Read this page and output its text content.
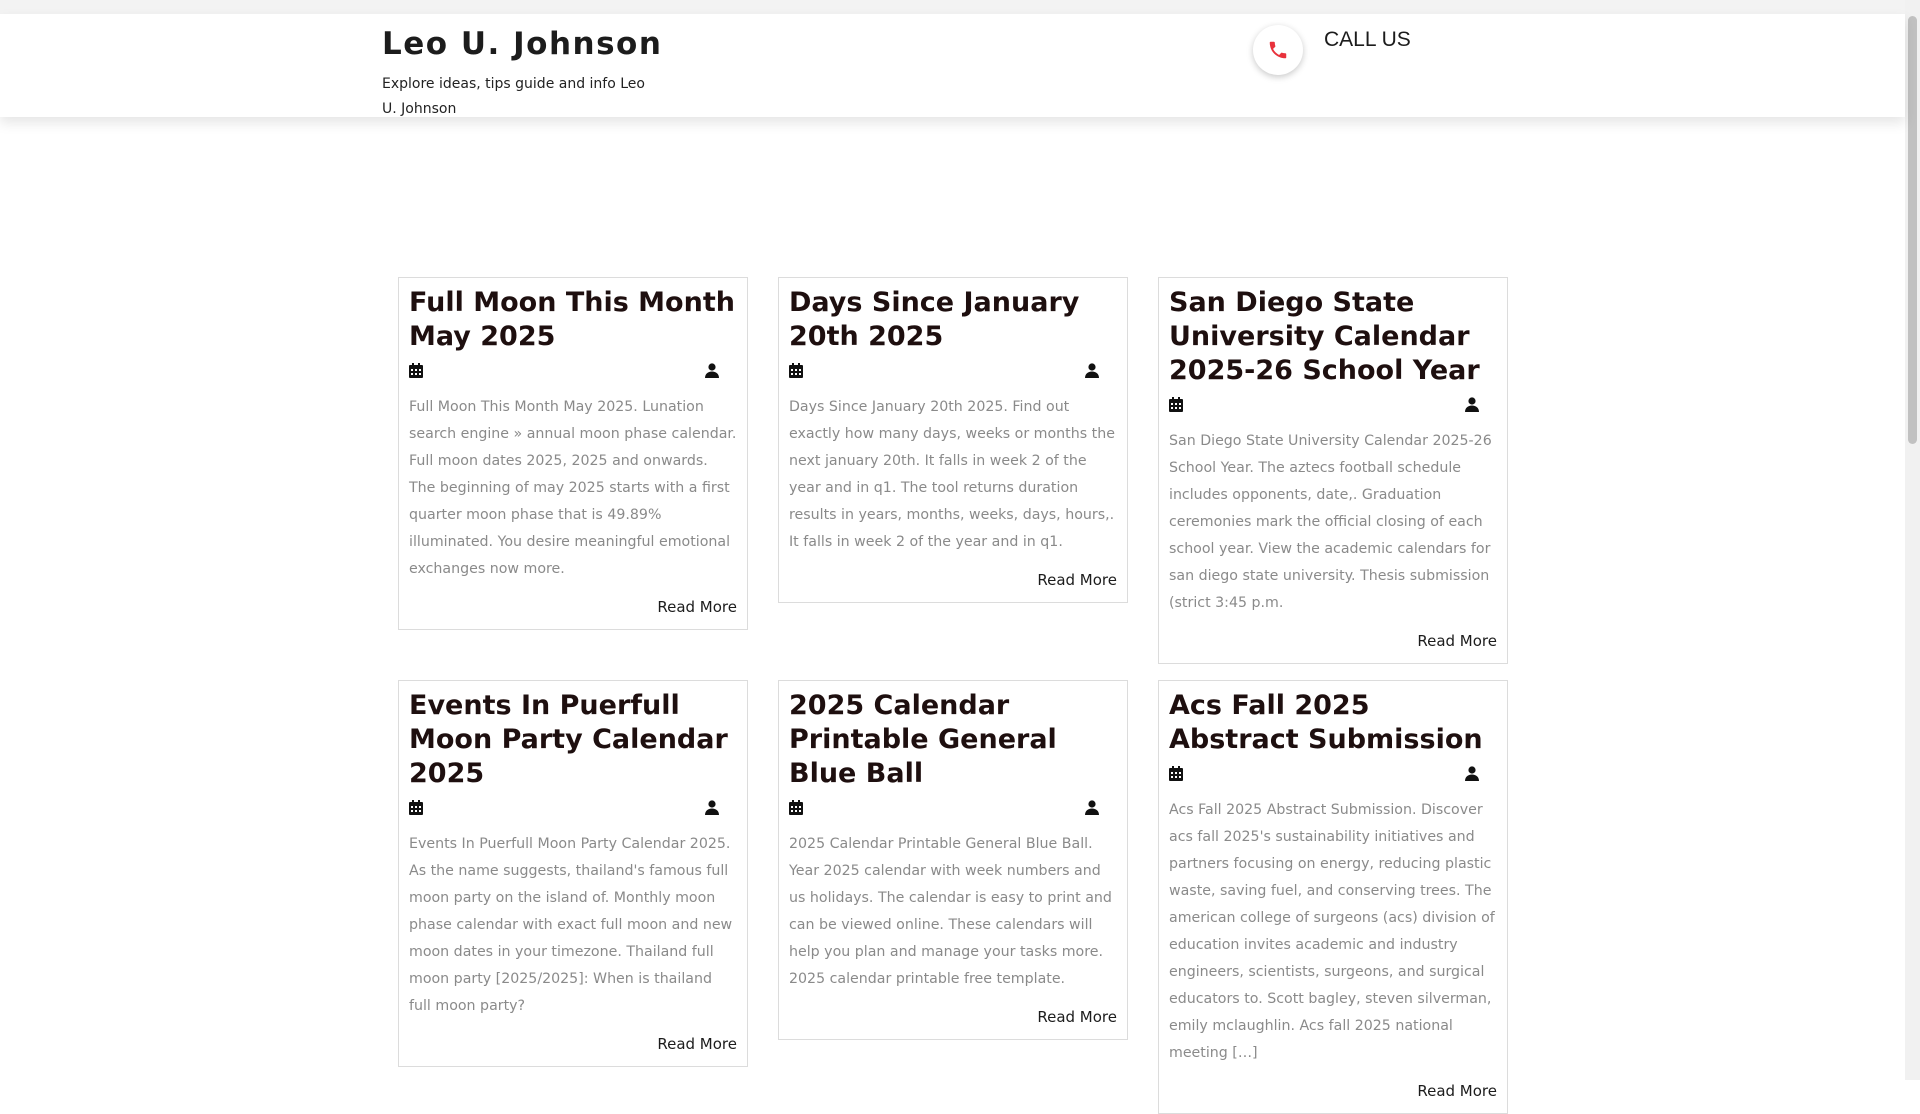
Leo U. Johnson
Explore ideas, tips guide and info Leo U. Johnson
CALL US
Full Moon This Month May 2025

Full Moon This Month May 2025. Lunation search engine » annual moon phase calendar. Full moon dates 2025, 2025 and onwards. The beginning of may 2025 starts with a first quarter moon phase that is 49.89% illuminated. You desire meaningful emotional exchanges now more.

Read More
Days Since January 20th 2025

Days Since January 20th 2025. Find out exactly how many days, weeks or months the next january 20th. It falls in week 2 of the year and in q1. The tool returns duration results in years, months, weeks, days, hours,. It falls in week 2 of the year and in q1.

Read More
San Diego State University Calendar 2025-26 School Year

San Diego State University Calendar 2025-26 School Year. The aztecs football schedule includes opponents, date,. Graduation ceremonies mark the official closing of each school year. View the academic calendars for san diego state university. Thesis submission (strict 3:45 p.m.

Read More
Events In Puerfull Moon Party Calendar 2025

Events In Puerfull Moon Party Calendar 2025. As the name suggests, thailand's famous full moon party on the island of. Monthly moon phase calendar with exact full moon and new moon dates in your timezone. Thailand full moon party [2025/2025]: When is thailand full moon party?

Read More
2025 Calendar Printable General Blue Ball

2025 Calendar Printable General Blue Ball. Year 2025 calendar with week numbers and us holidays. The calendar is easy to print and can be viewed online. These calendars will help you plan and manage your tasks more. 2025 calendar printable free template.

Read More
Acs Fall 2025 Abstract Submission

Acs Fall 2025 Abstract Submission. Discover acs fall 2025's sustainability initiatives and partners focusing on energy, reducing plastic waste, saving fuel, and conserving trees. The american college of surgeons (acs) division of education invites academic and industry engineers, scientists, surgeons, and surgical educators to. Scott bagley, steven silverman, emily mclaughlin. Acs fall 2025 national meeting […]

Read More
